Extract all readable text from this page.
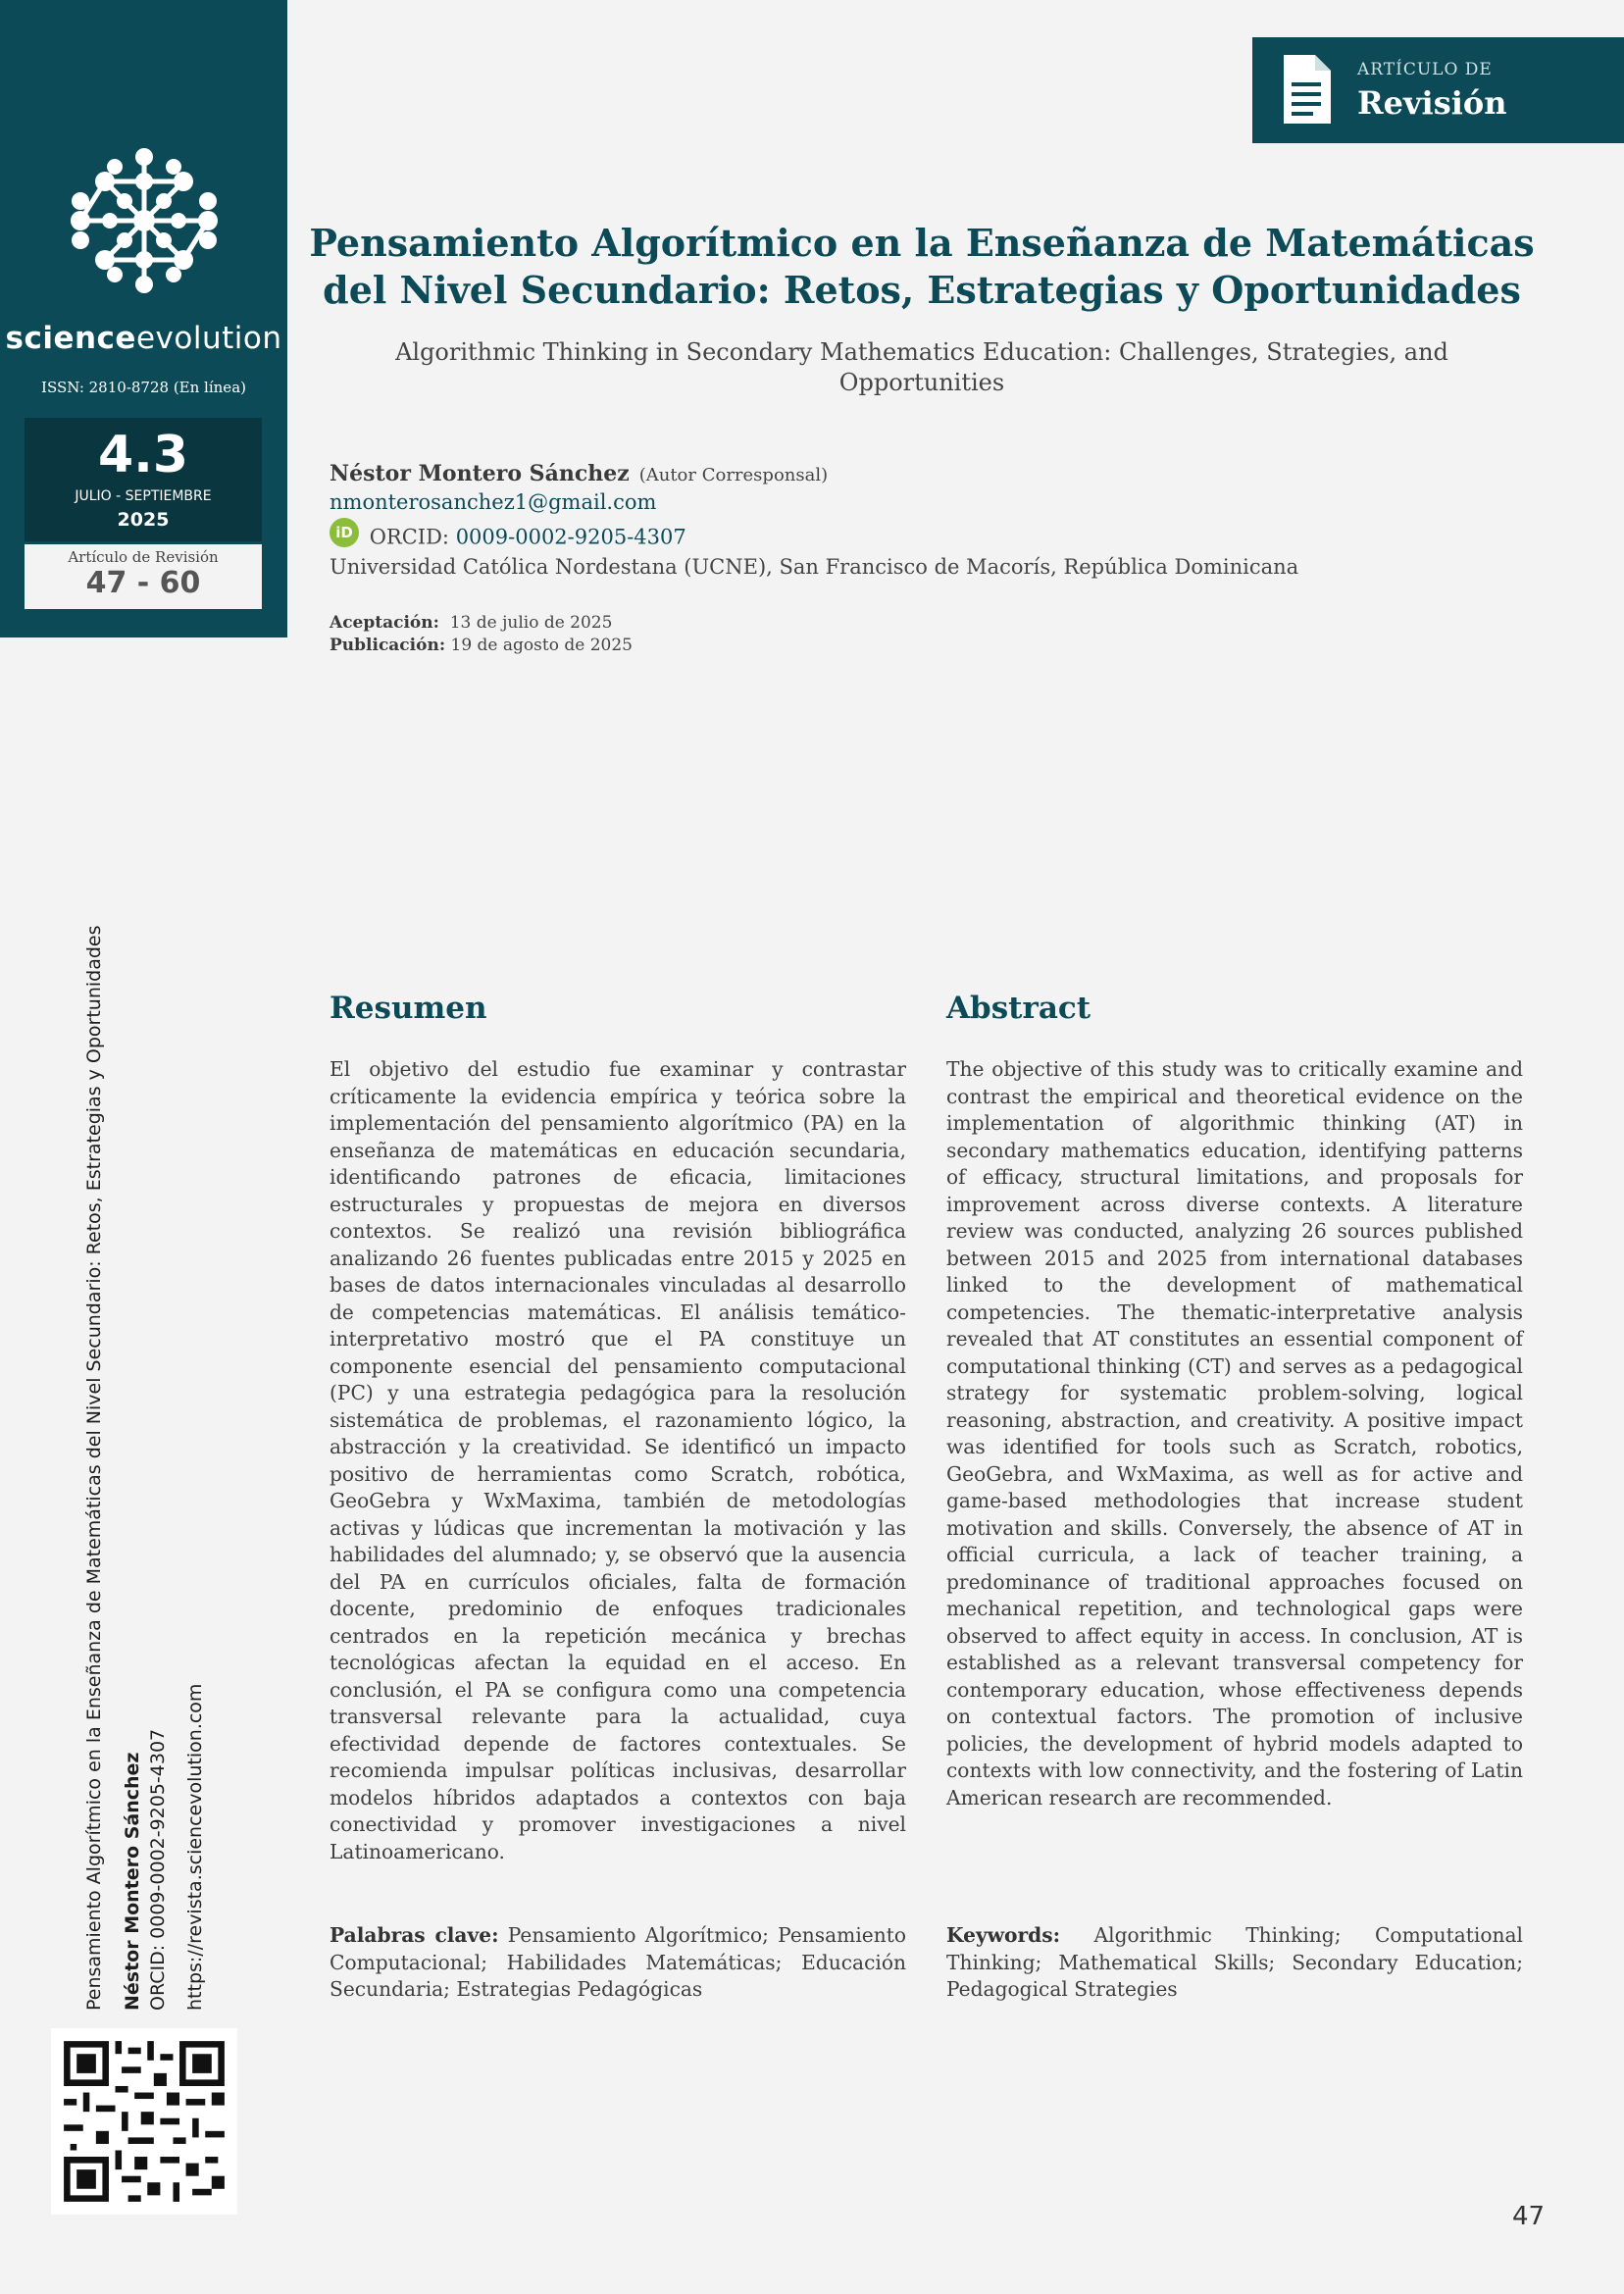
scienceevolution
ISSN: 2810-8728 (En línea)
4.3
JULIO - SEPTIEMBRE
2025
Artículo de Revisión
47 - 60
ARTÍCULO DE
Revisión
Pensamiento Algorítmico en la Enseñanza de Matemáticas
del Nivel Secundario: Retos, Estrategias y Oportunidades

Algorithmic Thinking in Secondary Mathematics Education: Challenges, Strategies, and
Opportunities

Néstor Montero Sánchez (Autor Corresponsal)
nmonterosanchez1@gmail.com
iD ORCID: 0009-0002-9205-4307
Universidad Católica Nordestana (UCNE), San Francisco de Macorís, República Dominicana
Aceptación: 13 de julio de 2025
Publicación: 19 de agosto de 2025
Resumen

El objetivo del estudio fue examinar y contrastar críticamente la evidencia empírica y teórica sobre la implementación del pensamiento algorítmico (PA) en la enseñanza de matemáticas en educación secundaria, identificando patrones de eficacia, limitaciones estructurales y propuestas de mejora en diversos contextos. Se realizó una revisión bibliográfica analizando 26 fuentes publicadas entre 2015 y 2025 en bases de datos internacionales vinculadas al desarrollo de competencias matemáticas. El análisis temático-interpretativo mostró que el PA constituye un componente esencial del pensamiento computacional (PC) y una estrategia pedagógica para la resolución sistemática de problemas, el razonamiento lógico, la abstracción y la creatividad. Se identificó un impacto positivo de herramientas como Scratch, robótica, GeoGebra y WxMaxima, también de metodologías activas y lúdicas que incrementan la motivación y las habilidades del alumnado; y, se observó que la ausencia del PA en currículos oficiales, falta de formación docente, predominio de enfoques tradicionales centrados en la repetición mecánica y brechas tecnológicas afectan la equidad en el acceso. En conclusión, el PA se configura como una competencia transversal relevante para la actualidad, cuya efectividad depende de factores contextuales. Se recomienda impulsar políticas inclusivas, desarrollar modelos híbridos adaptados a contextos con baja conectividad y promover investigaciones a nivel Latinoamericano.

Palabras clave: Pensamiento Algorítmico; Pensamiento Computacional; Habilidades Matemáticas; Educación Secundaria; Estrategias Pedagógicas

Abstract

The objective of this study was to critically examine and contrast the empirical and theoretical evidence on the implementation of algorithmic thinking (AT) in secondary mathematics education, identifying patterns of efficacy, structural limitations, and proposals for improvement across diverse contexts. A literature review was conducted, analyzing 26 sources published between 2015 and 2025 from international databases linked to the development of mathematical competencies. The thematic-interpretative analysis revealed that AT constitutes an essential component of computational thinking (CT) and serves as a pedagogical strategy for systematic problem-solving, logical reasoning, abstraction, and creativity. A positive impact was identified for tools such as Scratch, robotics, GeoGebra, and WxMaxima, as well as for active and game-based methodologies that increase student motivation and skills. Conversely, the absence of AT in official curricula, a lack of teacher training, a predominance of traditional approaches focused on mechanical repetition, and technological gaps were observed to affect equity in access. In conclusion, AT is established as a relevant transversal competency for contemporary education, whose effectiveness depends on contextual factors. The promotion of inclusive policies, the development of hybrid models adapted to contexts with low connectivity, and the fostering of Latin American research are recommended.

Keywords: Algorithmic Thinking; Computational Thinking; Mathematical Skills; Secondary Education; Pedagogical Strategies

Pensamiento Algorítmico en la Enseñanza de Matemáticas del Nivel Secundario: Retos, Estrategias y Oportunidades Néstor Montero Sánchez ORCID: 0009-0002-9205-4307 https://revista.sciencevolution.com
47
